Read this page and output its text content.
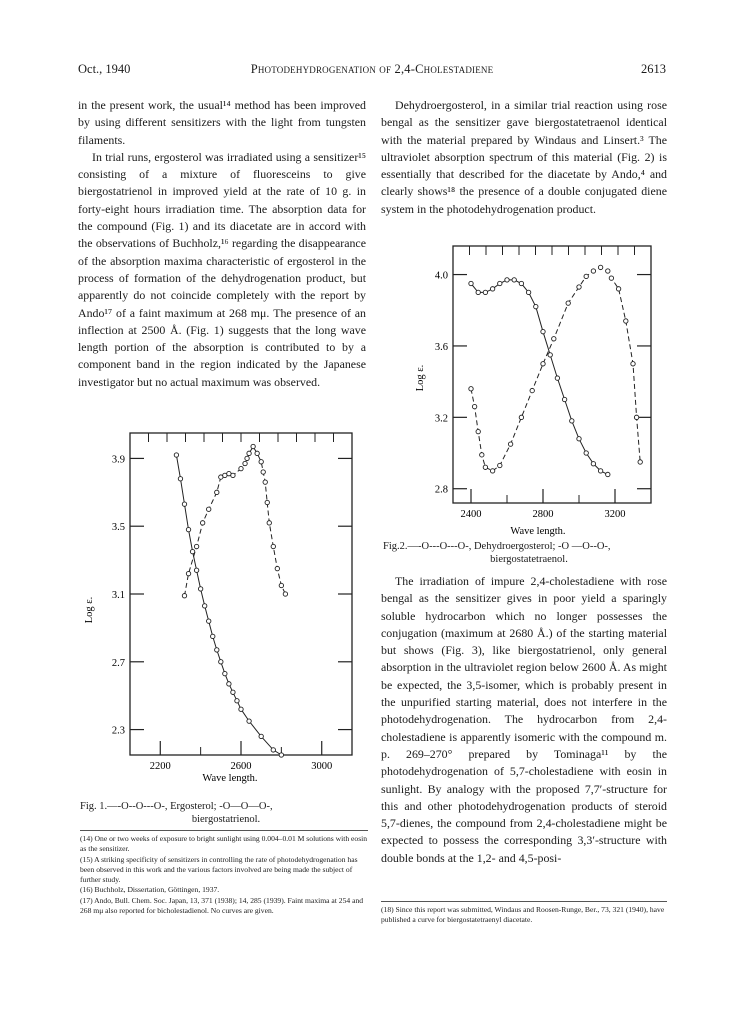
Oct., 1940	Photodehydrogenation of 2,4-Cholestadiene	2613

in the present work, the usual¹⁴ method has been improved by using different sensitizers with the light from tungsten filaments.

In trial runs, ergosterol was irradiated using a sensitizer¹⁵ consisting of a mixture of fluoresceins to give biergostatrienol in improved yield at the rate of 10 g. in forty-eight hours irradiation time. The absorption data for the compound (Fig. 1) and its diacetate are in accord with the observations of Buchholz,¹⁶ regarding the disappearance of the absorption maxima characteristic of ergosterol in the process of formation of the dehydrogenation product, but apparently do not coincide completely with the report by Ando¹⁷ of a faint maximum at 268 mμ. The presence of an inflection at 2500 Å. (Fig. 1) suggests that the long wave length portion of the absorption is contributed to by a component band in the region indicated by the Japanese investigator but no actual maximum was observed.

Dehydroergosterol, in a similar trial reaction using rose bengal as the sensitizer gave biergostatetraenol identical with the material prepared by Windaus and Linsert.³ The ultraviolet absorption spectrum of this material (Fig. 2) is essentially that described for the diacetate by Ando,⁴ and clearly shows¹⁸ the presence of a double conjugated diene system in the photodehydrogenation product.

Log ε.
Wave length.
3.9
3.5
3.1
2.7
2.3
2200	2600	3000
Fig. 1.—-O--O---O-, Ergosterol; -O—O—O-,
biergostatrienol.

(14) One or two weeks of exposure to bright sunlight using 0.004–0.01 M solutions with eosin as the sensitizer.

(15) A striking specificity of sensitizers in controlling the rate of photodehydrogenation has been observed in this work and the various factors involved are being made the subject of further study.

(16) Buchholz, Dissertation, Göttingen, 1937.

(17) Ando, Bull. Chem. Soc. Japan, 13, 371 (1938); 14, 285 (1939). Faint maxima at 254 and 268 mμ also reported for bicholestadienol. No curves are given.

Log ε.
Wave length.
4.0
3.6
3.2
2.8
2400	2800	3200
Fig.2.—-O---O---O-, Dehydroergosterol; -O —O--O-,
biergostatetraenol.

The irradiation of impure 2,4-cholestadiene with rose bengal as the sensitizer gives in poor yield a sparingly soluble hydrocarbon which no longer possesses the conjugation (maximum at 2680 Å.) of the starting material but shows (Fig. 3), like biergostatrienol, only general absorption in the ultraviolet region below 2600 Å. As might be expected, the 3,5-isomer, which is probably present in the unpurified starting material, does not interfere in the photodehydrogenation. The hydrocarbon from 2,4-cholestadiene is apparently isomeric with the compound m. p. 269–270° prepared by Tominaga¹¹ by the photodehydrogenation of 5,7-cholestadiene with eosin in sunlight. By analogy with the proposed 7,7′-structure for this and other photodehydrogenation products of steroid 5,7-dienes, the compound from 2,4-cholestadiene might be expected to possess the corresponding 3,3′-structure with double bonds at the 1,2- and 4,5-posi-

(18) Since this report was submitted, Windaus and Roosen-Runge, Ber., 73, 321 (1940), have published a curve for biergostatetraenyl diacetate.
